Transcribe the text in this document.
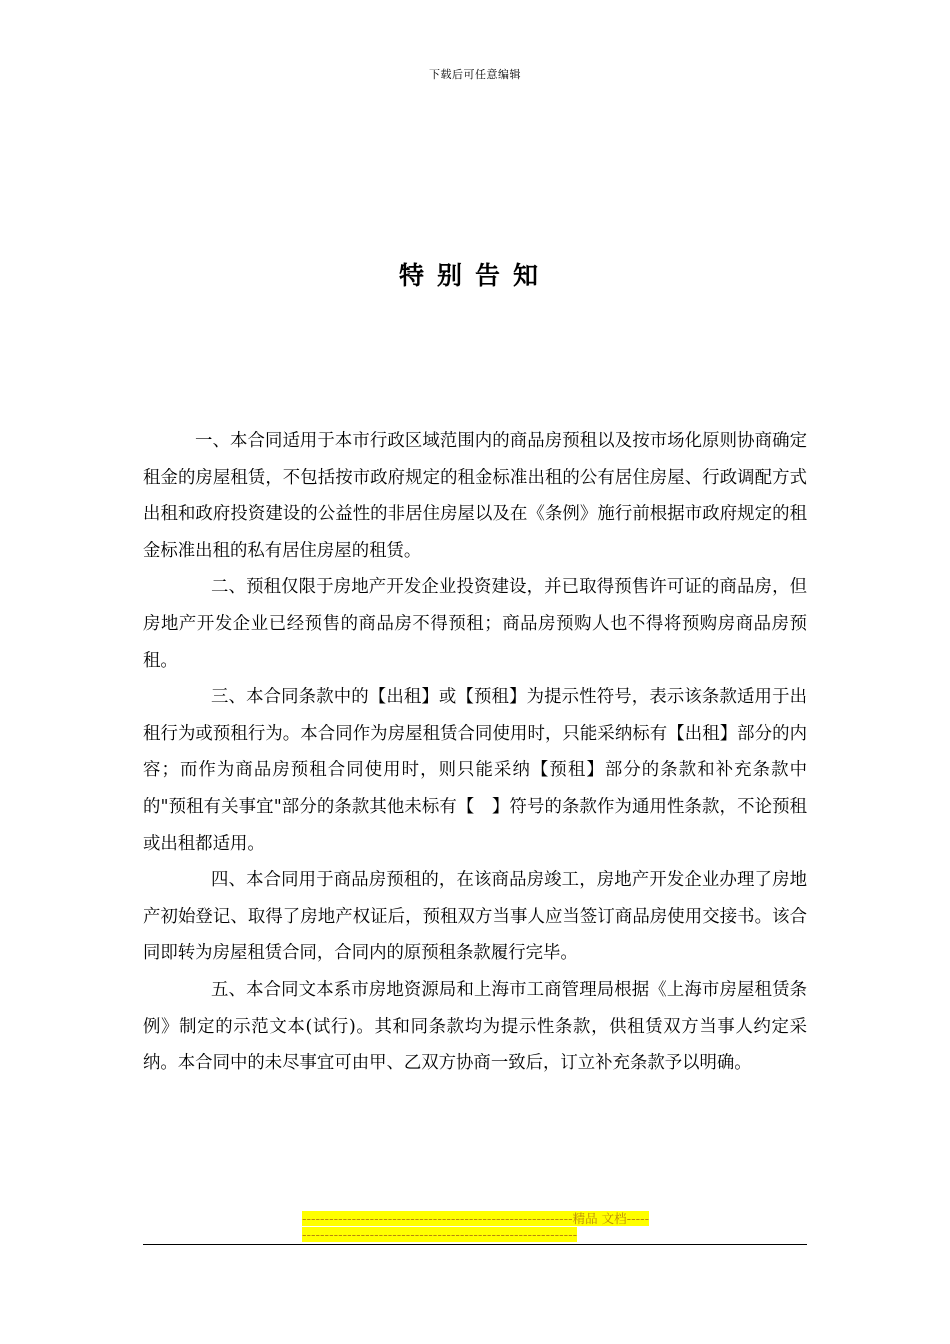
下载后可任意编辑
特别告知

一、本合同适用于本市行政区域范围内的商品房预租以及按市场化原则协商确定租金的房屋租赁，不包括按市政府规定的租金标准出租的公有居住房屋、行政调配方式出租和政府投资建设的公益性的非居住房屋以及在《条例》施行前根据市政府规定的租金标准出租的私有居住房屋的租赁。

二、预租仅限于房地产开发企业投资建设，并已取得预售许可证的商品房，但房地产开发企业已经预售的商品房不得预租；商品房预购人也不得将预购房商品房预租。

三、本合同条款中的【出租】或【预租】为提示性符号，表示该条款适用于出租行为或预租行为。本合同作为房屋租赁合同使用时，只能采纳标有【出租】部分的内容；而作为商品房预租合同使用时，则只能采纳【预租】部分的条款和补充条款中的"预租有关事宜"部分的条款其他未标有【　】符号的条款作为通用性条款，不论预租或出租都适用。

四、本合同用于商品房预租的，在该商品房竣工，房地产开发企业办理了房地产初始登记、取得了房地产权证后，预租双方当事人应当签订商品房使用交接书。该合同即转为房屋租赁合同，合同内的原预租条款履行完毕。

五、本合同文本系市房地资源局和上海市工商管理局根据《上海市房屋租赁条例》制定的示范文本(试行)。其和同条款均为提示性条款，供租赁双方当事人约定采纳。本合同中的未尽事宜可由甲、乙双方协商一致后，订立补充条款予以明确。

------------------------------------------------------------精品 文档------------------------------------------------------------------
